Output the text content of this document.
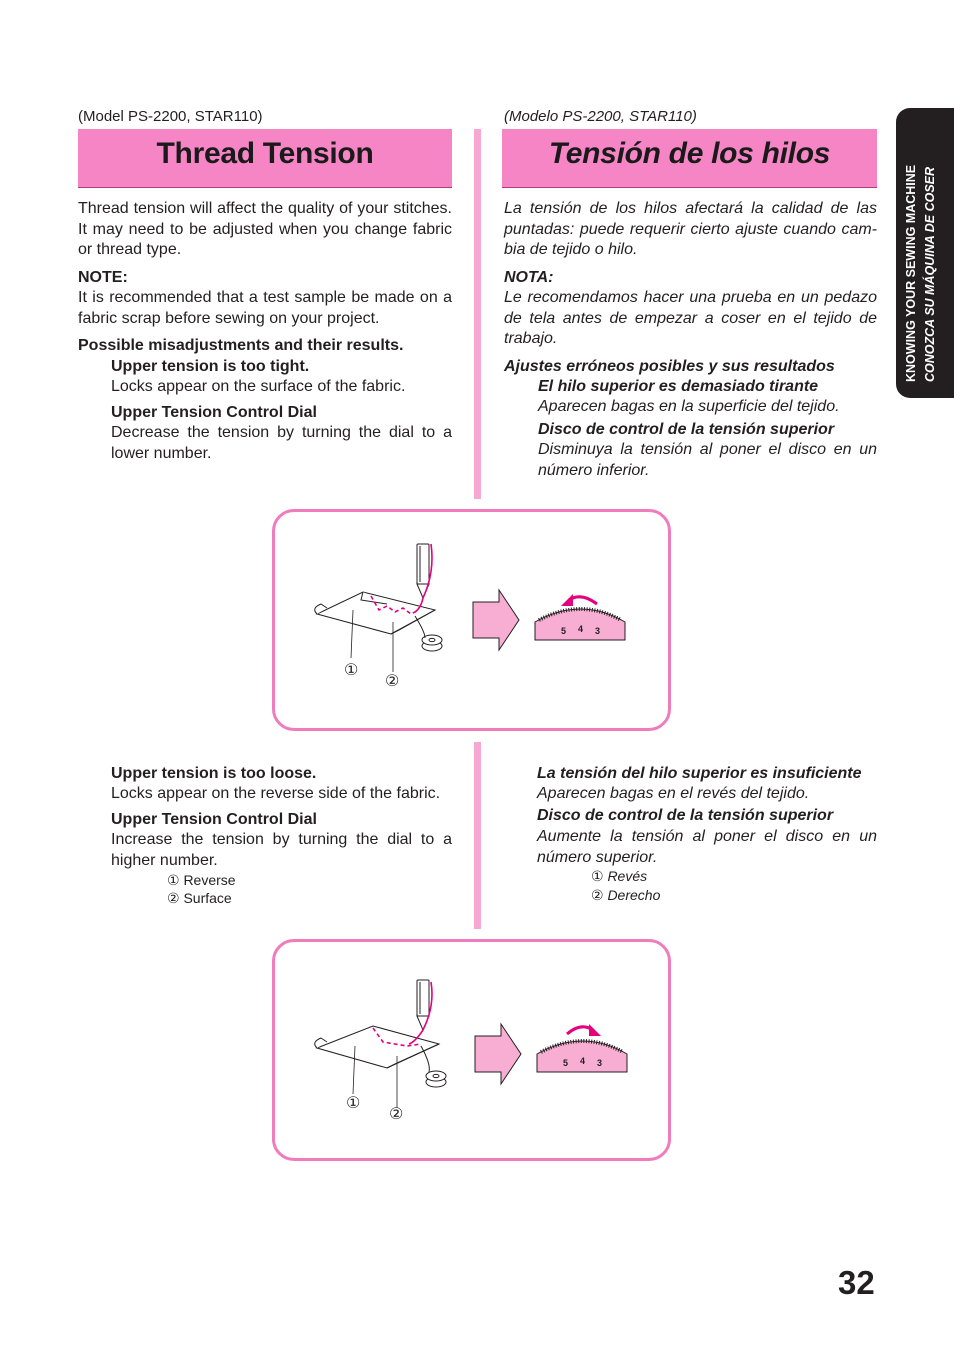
(Model PS-2200, STAR110)
Thread Tension
Thread tension will affect the quality of your stitches. It may need to be adjusted when you change fabric or thread type.
NOTE:
It is recommended that a test sample be made on a fabric scrap before sewing on your project.
Possible misadjustments and their results.
Upper tension is too tight.
Locks appear on the surface of the fabric.
Upper Tension Control Dial
Decrease the tension by turning the dial to a lower number.
Upper tension is too loose.
Locks appear on the reverse side of the fabric.
Upper Tension Control Dial
Increase the tension by turning the dial to a higher number.
① Reverse
② Surface
(Modelo PS-2200, STAR110)
Tensión de los hilos
La tensión de los hilos afectará la calidad de las puntadas: puede requerir cierto ajuste cuando cam-bia de tejido o hilo.
NOTA:
Le recomendamos hacer una prueba en un pedazo de tela antes de empezar a coser en el tejido de trabajo.
Ajustes erróneos posibles y sus resultados
El hilo superior es demasiado tirante
Aparecen bagas en la superficie del tejido.
Disco de control de la tensión superior
Disminuya la tensión al poner el disco en un número inferior.
La tensión del hilo superior es insuficiente
Aparecen bagas en el revés del tejido.
Disco de control de la tensión superior
Aumente la tensión al poner el disco en un número superior.
① Revés
② Derecho
KNOWING YOUR SEWING MACHINE CONOZCA SU MÁQUINA DE COSER
①
②
5 4 3
①
②
5 4 3
32
